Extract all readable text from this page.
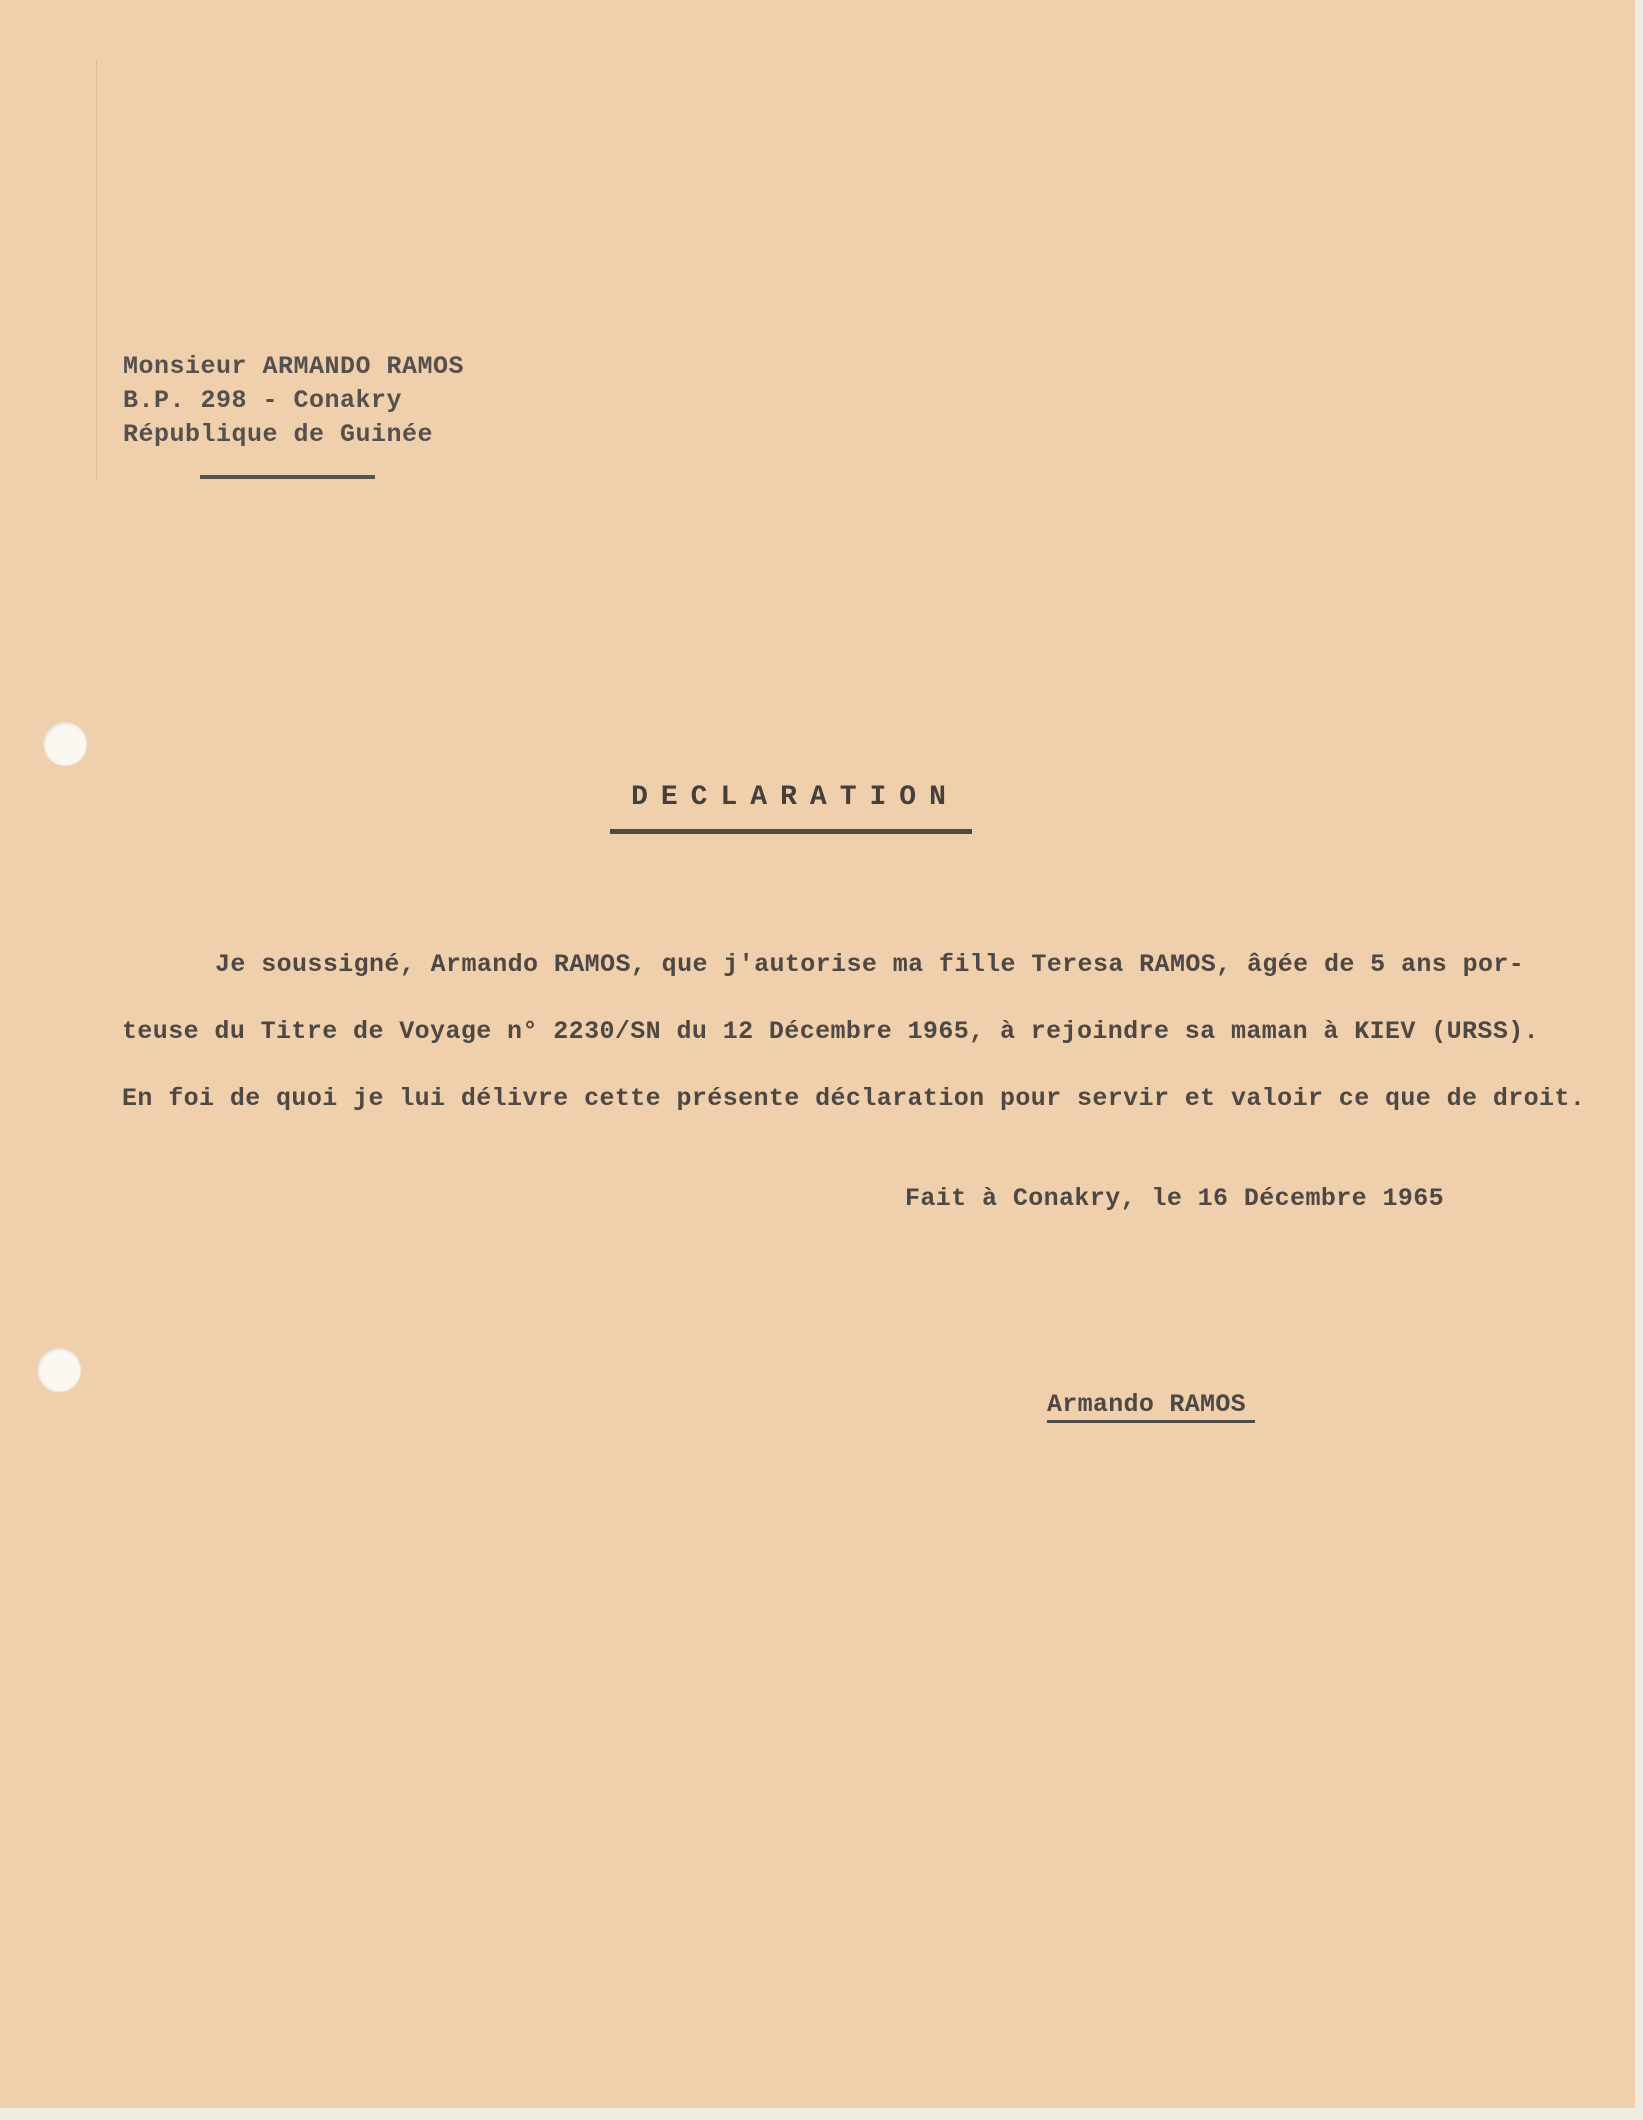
Monsieur ARMANDO RAMOS
B.P. 298 - Conakry
République de Guinée
DECLARATION
Je soussigné, Armando RAMOS, que j'autorise ma fille Teresa RAMOS, âgée de 5 ans por-
teuse du Titre de Voyage n° 2230/SN du 12 Décembre 1965, à rejoindre sa maman à KIEV (URSS).
En foi de quoi je lui délivre cette présente déclaration pour servir et valoir ce que de droit.
Fait à Conakry, le 16 Décembre 1965
Armando RAMOS
